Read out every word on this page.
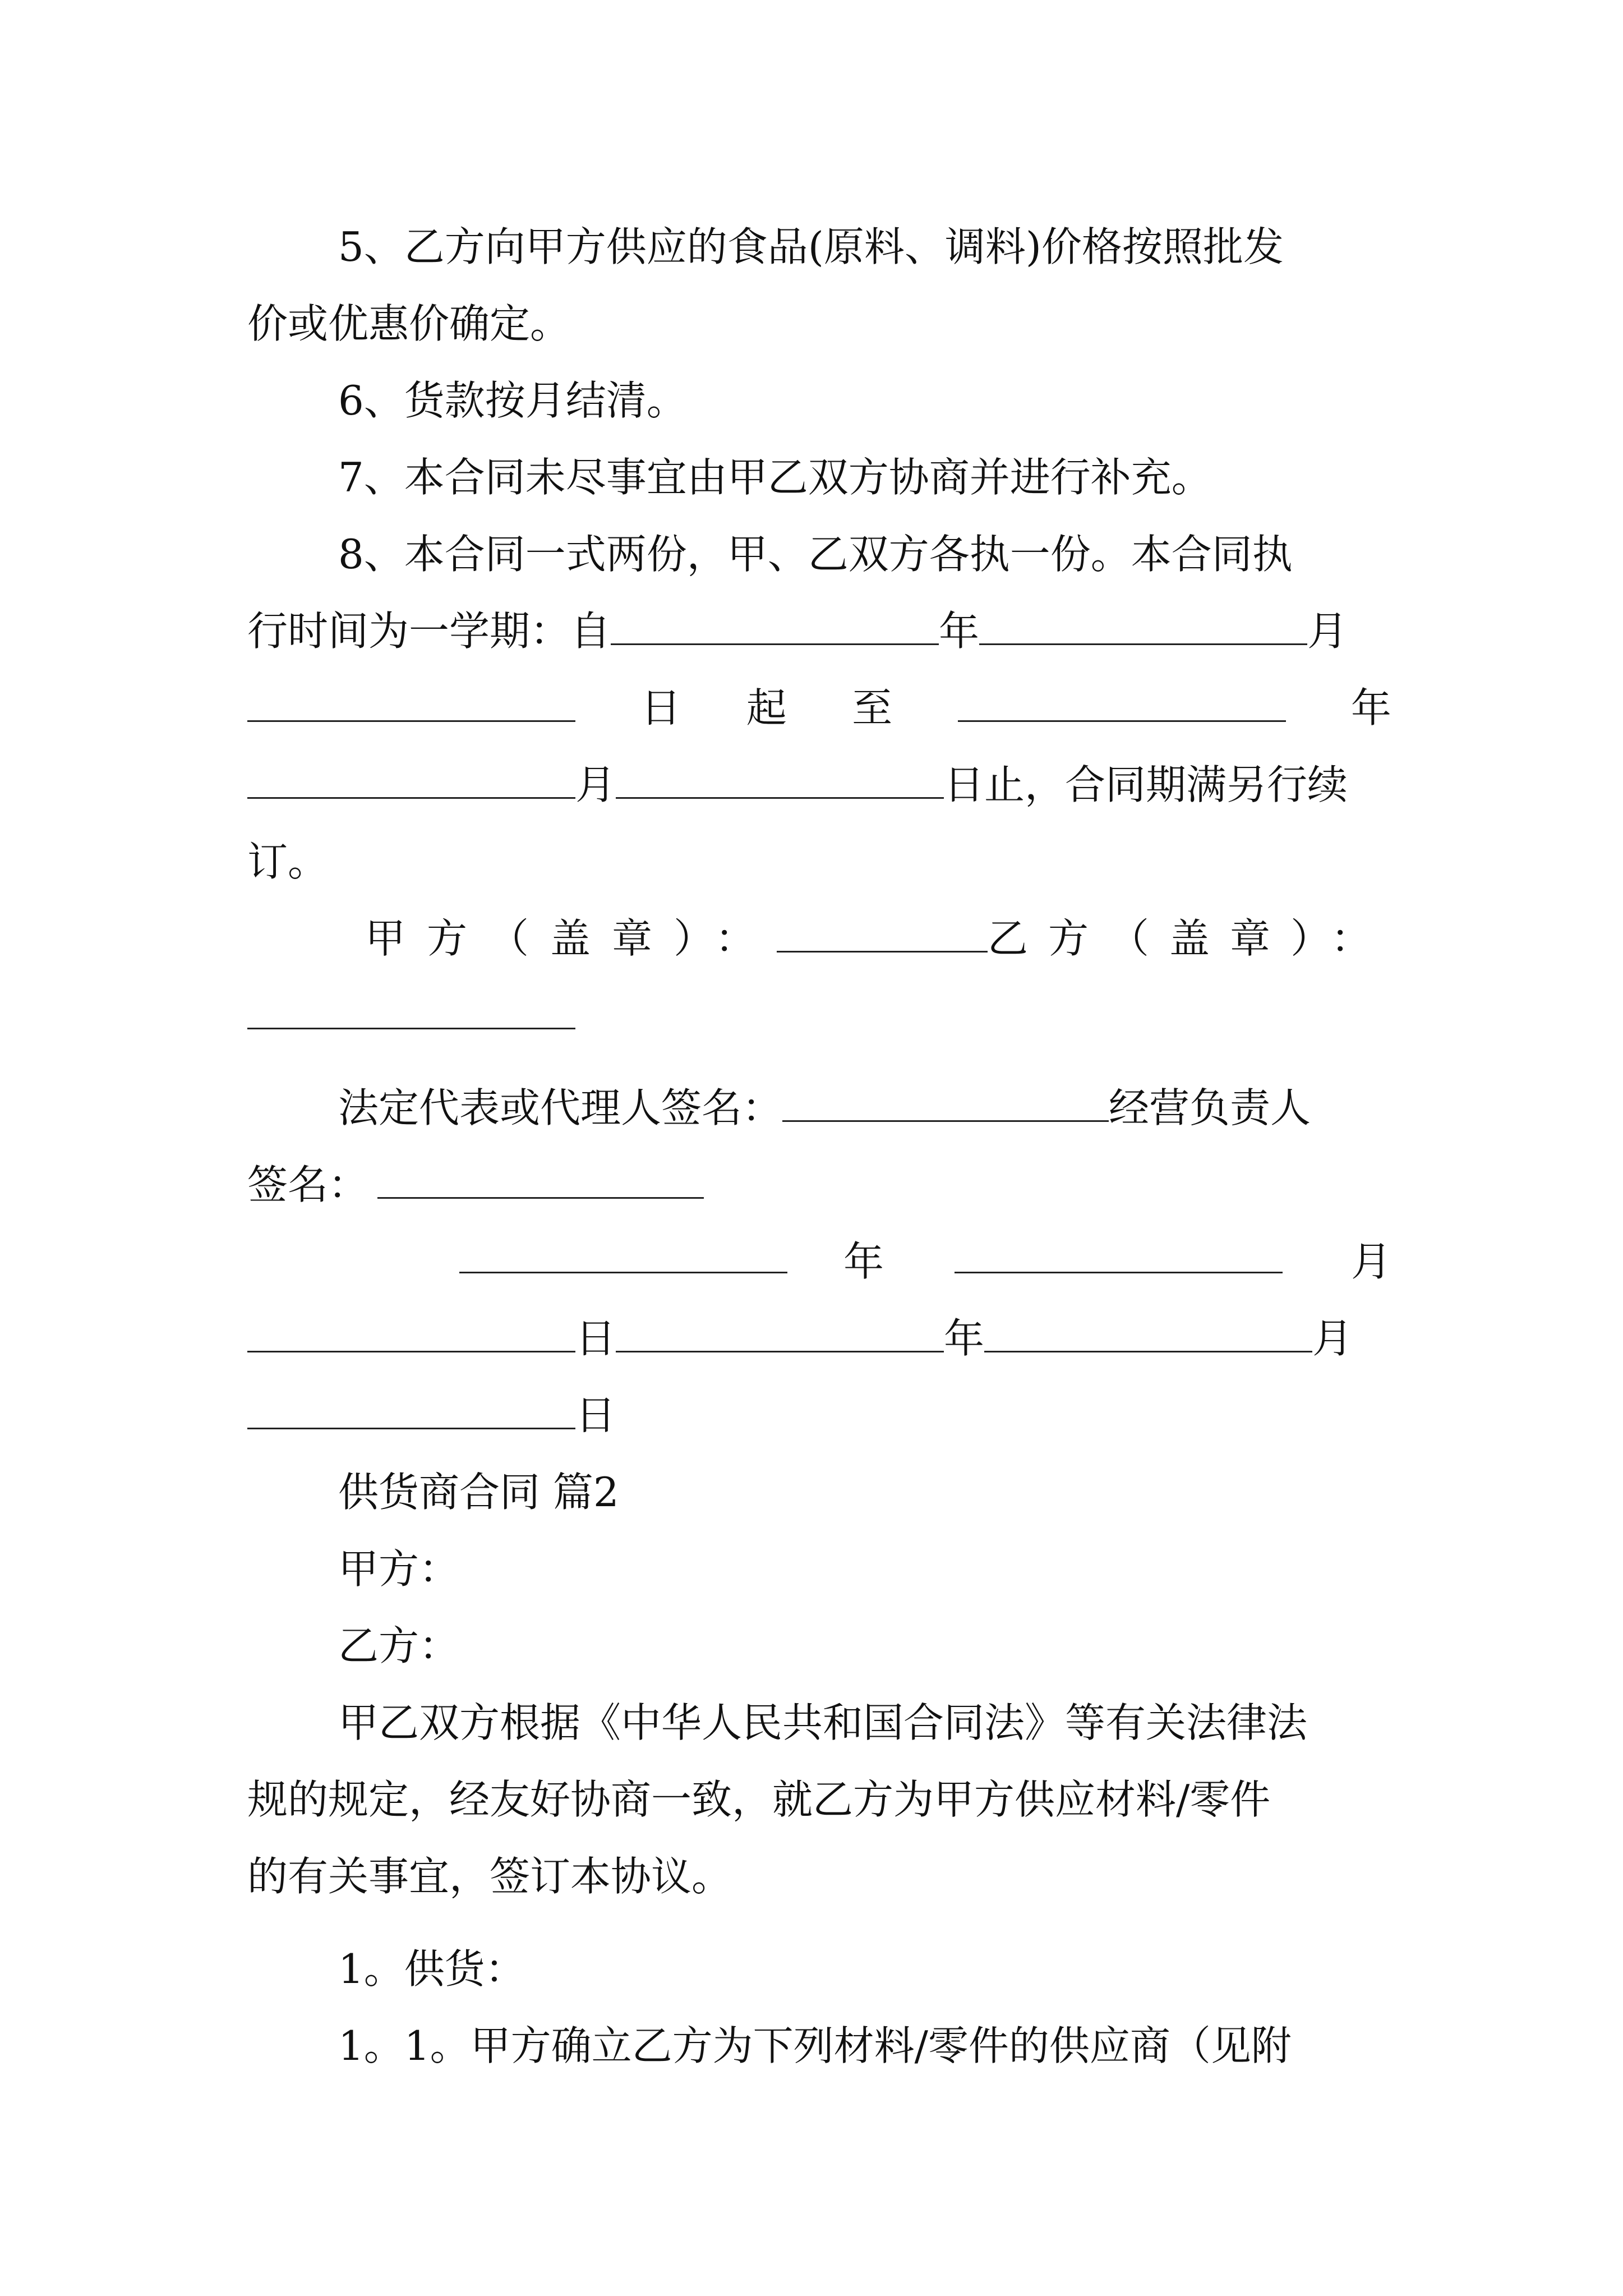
5、乙方向甲方供应的食品(原料、调料)价格按照批发
价或优惠价确定。
6、货款按月结清。
7、本合同未尽事宜由甲乙双方协商并进行补充。
8、本合同一式两份，甲、乙双方各执一份。本合同执
行时间为一学期：自	年	月
日 起 至	年
月	日止，合同期满另行续
订。
甲方（盖章）：	乙方（盖章）：
法定代表或代理人签名：	经营负责人
签名：
年	月
日	年	月
日
供货商合同 篇2
甲方：
乙方：
甲乙双方根据《中华人民共和国合同法》等有关法律法
规的规定，经友好协商一致，就乙方为甲方供应材料/零件
的有关事宜，签订本协议。
1。供货：
1。1。甲方确立乙方为下列材料/零件的供应商（见附
